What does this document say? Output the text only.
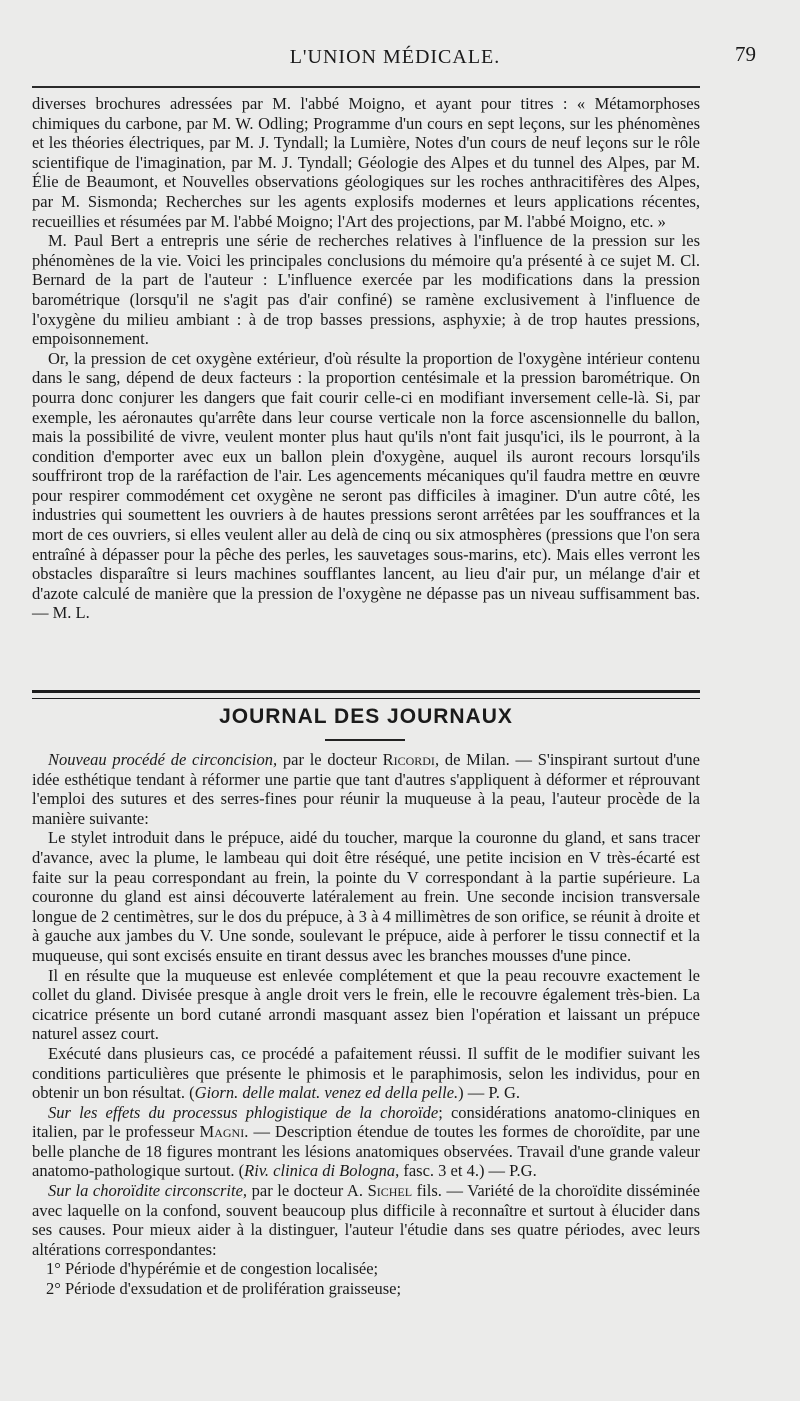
L'UNION MÉDICALE.	79

diverses brochures adressées par M. l'abbé Moigno, et ayant pour titres : « Métamorphoses chimiques du carbone, par M. W. Odling; Programme d'un cours en sept leçons, sur les phénomènes et les théories électriques, par M. J. Tyndall; la Lumière, Notes d'un cours de neuf leçons sur le rôle scientifique de l'imagination, par M. J. Tyndall; Géologie des Alpes et du tunnel des Alpes, par M. Élie de Beaumont, et Nouvelles observations géologiques sur les roches anthracitifères des Alpes, par M. Sismonda; Recherches sur les agents explosifs modernes et leurs applications récentes, recueillies et résumées par M. l'abbé Moigno; l'Art des projections, par M. l'abbé Moigno, etc. »

M. Paul Bert a entrepris une série de recherches relatives à l'influence de la pression sur les phénomènes de la vie. Voici les principales conclusions du mémoire qu'a présenté à ce sujet M. Cl. Bernard de la part de l'auteur : L'influence exercée par les modifications dans la pression barométrique (lorsqu'il ne s'agit pas d'air confiné) se ramène exclusivement à l'influence de l'oxygène du milieu ambiant : à de trop basses pressions, asphyxie; à de trop hautes pressions, empoisonnement.

Or, la pression de cet oxygène extérieur, d'où résulte la proportion de l'oxygène intérieur contenu dans le sang, dépend de deux facteurs : la proportion centésimale et la pression barométrique. On pourra donc conjurer les dangers que fait courir celle-ci en modifiant inversement celle-là. Si, par exemple, les aéronautes qu'arrête dans leur course verticale non la force ascensionnelle du ballon, mais la possibilité de vivre, veulent monter plus haut qu'ils n'ont fait jusqu'ici, ils le pourront, à la condition d'emporter avec eux un ballon plein d'oxygène, auquel ils auront recours lorsqu'ils souffriront trop de la raréfaction de l'air. Les agencements mécaniques qu'il faudra mettre en œuvre pour respirer commodément cet oxygène ne seront pas difficiles à imaginer. D'un autre côté, les industries qui soumettent les ouvriers à de hautes pressions seront arrêtées par les souffrances et la mort de ces ouvriers, si elles veulent aller au delà de cinq ou six atmosphères (pressions que l'on sera entraîné à dépasser pour la pêche des perles, les sauvetages sous-marins, etc). Mais elles verront les obstacles disparaître si leurs machines soufflantes lancent, au lieu d'air pur, un mélange d'air et d'azote calculé de manière que la pression de l'oxygène ne dépasse pas un niveau suffisamment bas. — M. L.

JOURNAL DES JOURNAUX

Nouveau procédé de circoncision, par le docteur Ricordi, de Milan. — S'inspirant surtout d'une idée esthétique tendant à réformer une partie que tant d'autres s'appliquent à déformer et réprouvant l'emploi des sutures et des serres-fines pour réunir la muqueuse à la peau, l'auteur procède de la manière suivante:

Le stylet introduit dans le prépuce, aidé du toucher, marque la couronne du gland, et sans tracer d'avance, avec la plume, le lambeau qui doit être réséqué, une petite incision en V très-écarté est faite sur la peau correspondant au frein, la pointe du V correspondant à la partie supérieure. La couronne du gland est ainsi découverte latéralement au frein. Une seconde incision transversale longue de 2 centimètres, sur le dos du prépuce, à 3 à 4 millimètres de son orifice, se réunit à droite et à gauche aux jambes du V. Une sonde, soulevant le prépuce, aide à perforer le tissu connectif et la muqueuse, qui sont excisés ensuite en tirant dessus avec les branches mousses d'une pince.

Il en résulte que la muqueuse est enlevée complétement et que la peau recouvre exactement le collet du gland. Divisée presque à angle droit vers le frein, elle le recouvre également très-bien. La cicatrice présente un bord cutané arrondi masquant assez bien l'opération et laissant un prépuce naturel assez court.

Exécuté dans plusieurs cas, ce procédé a pafaitement réussi. Il suffit de le modifier suivant les conditions particulières que présente le phimosis et le paraphimosis, selon les individus, pour en obtenir un bon résultat. (Giorn. delle malat. venez ed della pelle.) — P. G.

Sur les effets du processus phlogistique de la choroïde; considérations anatomo-cliniques en italien, par le professeur Magni. — Description étendue de toutes les formes de choroïdite, par une belle planche de 18 figures montrant les lésions anatomiques observées. Travail d'une grande valeur anatomo-pathologique surtout. (Riv. clinica di Bologna, fasc. 3 et 4.) — P.G.

Sur la choroïdite circonscrite, par le docteur A. Sichel fils. — Variété de la choroïdite disséminée avec laquelle on la confond, souvent beaucoup plus difficile à reconnaître et surtout à élucider dans ses causes. Pour mieux aider à la distinguer, l'auteur l'étudie dans ses quatre périodes, avec leurs altérations correspondantes:

1° Période d'hypérémie et de congestion localisée;

2° Période d'exsudation et de prolifération graisseuse;
